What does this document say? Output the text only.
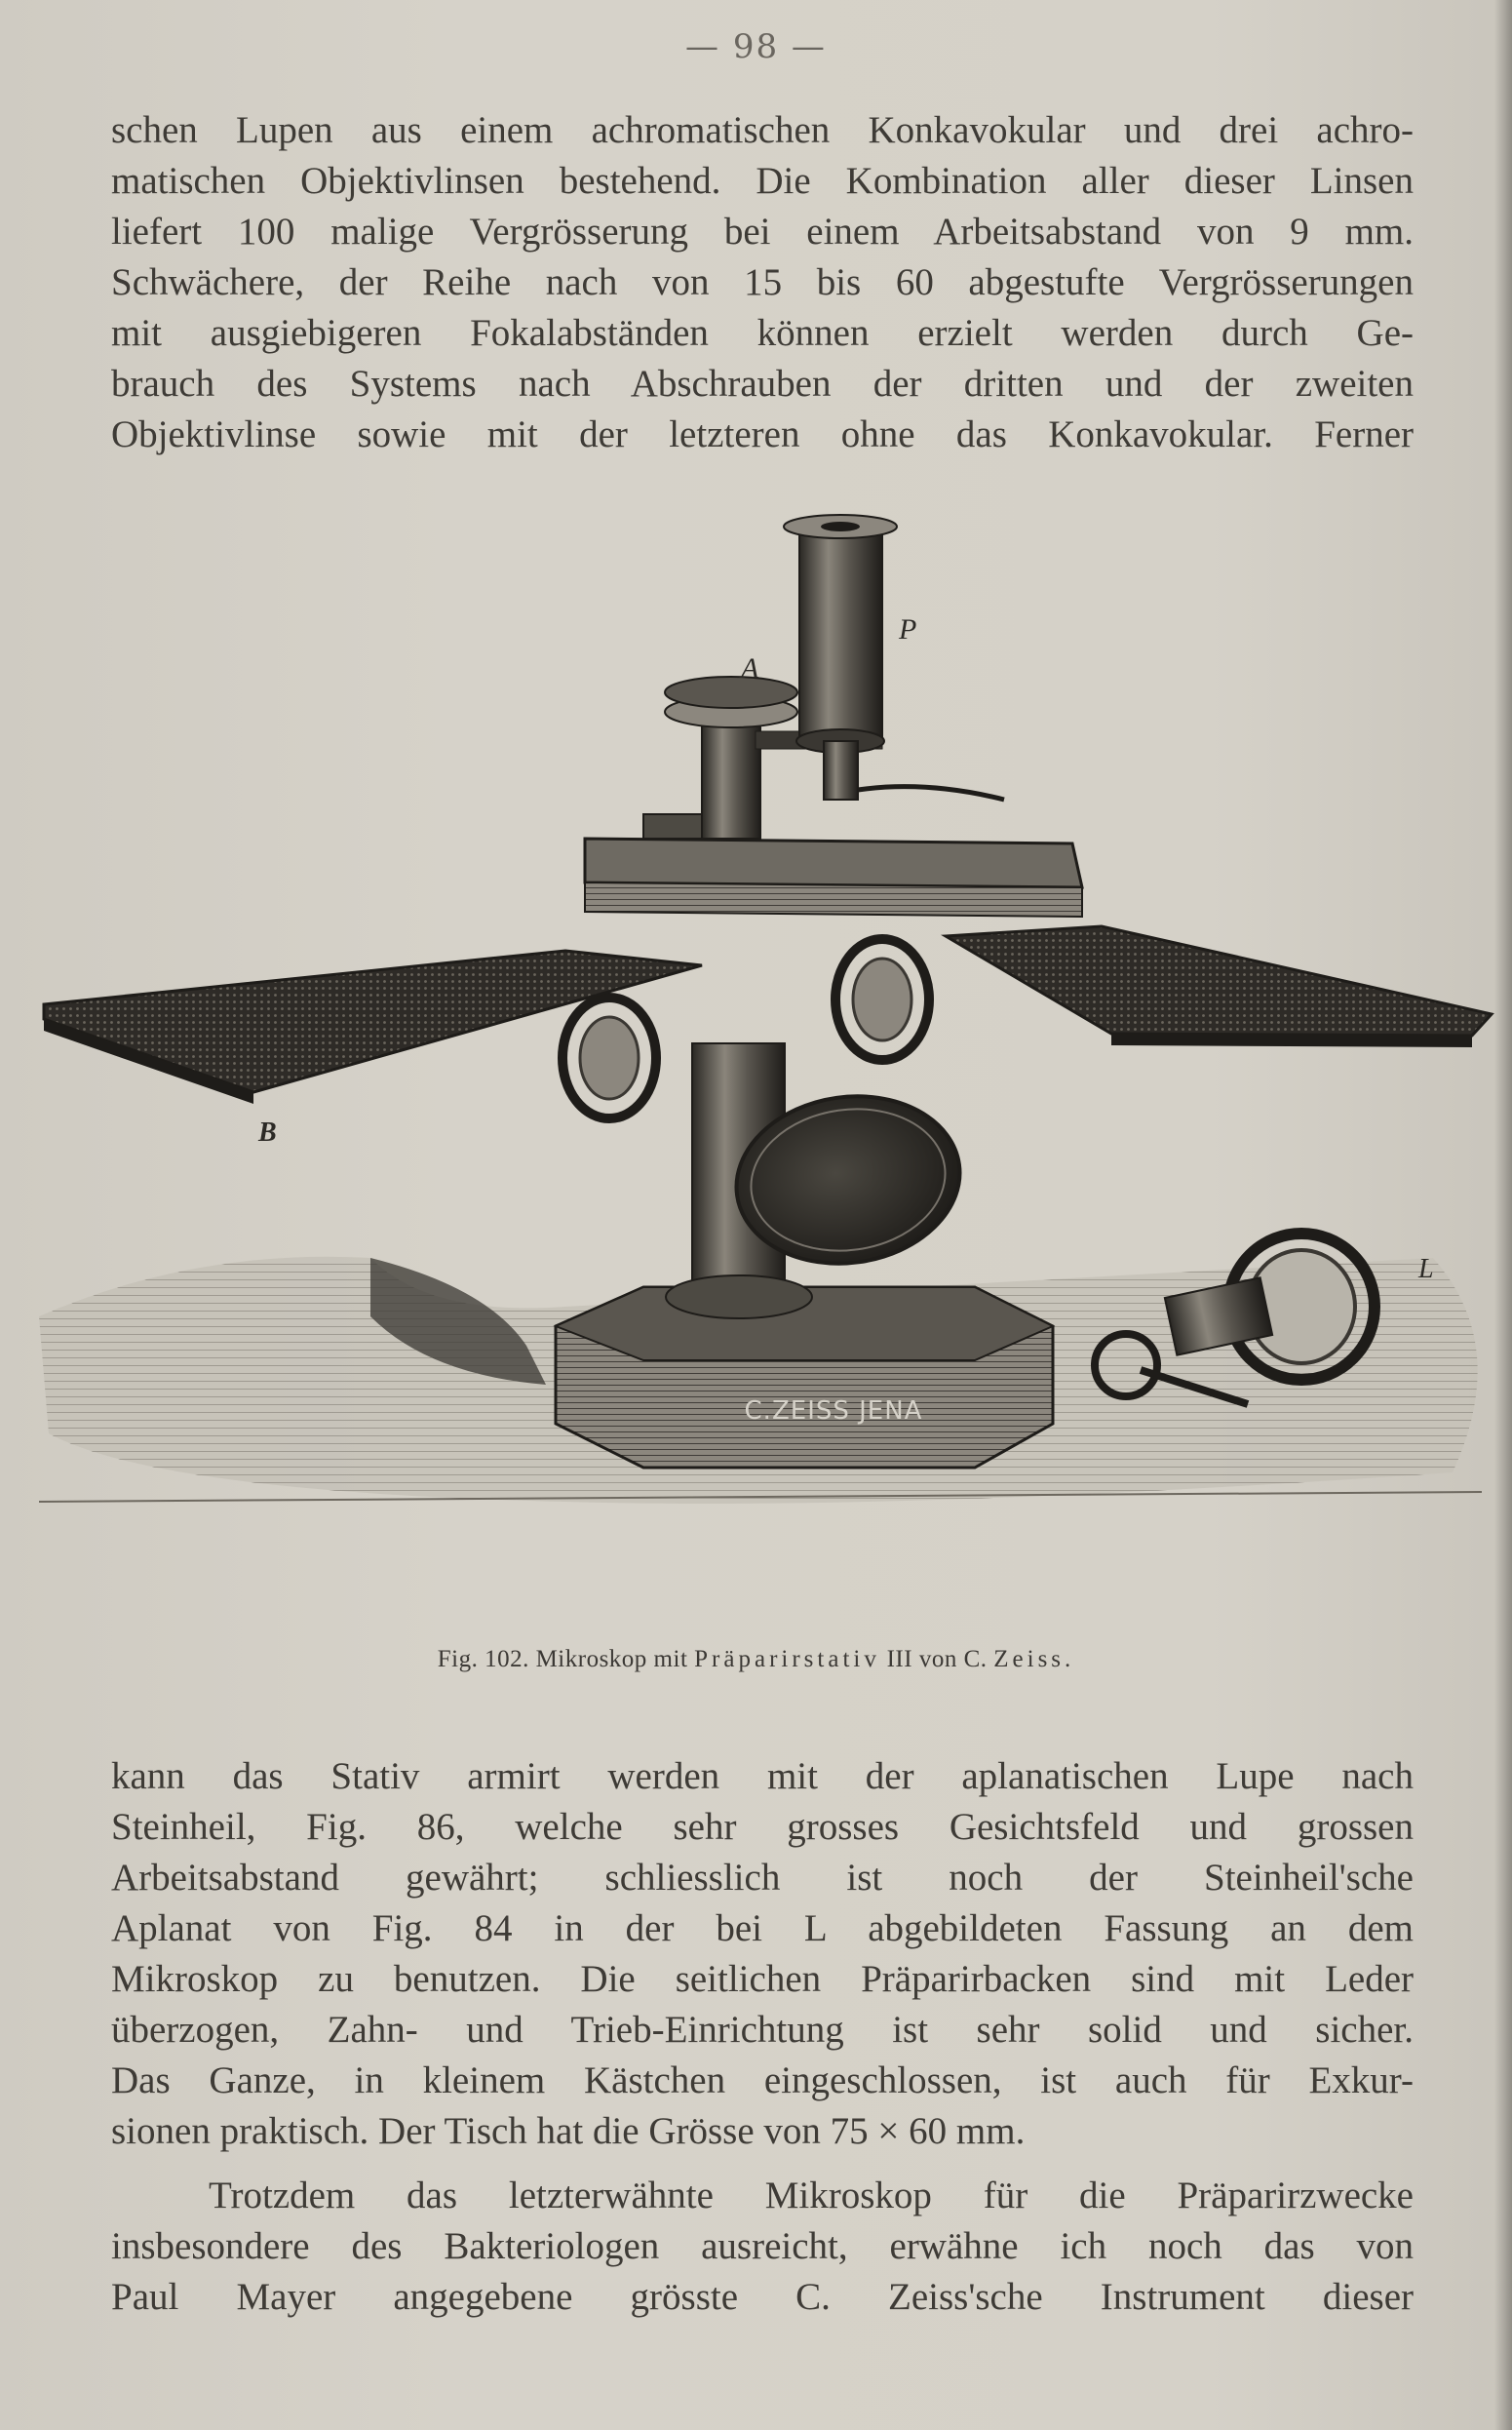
— 98 —
schen Lupen aus einem achromatischen Konkavokular und drei achro-
matischen Objektivlinsen bestehend. Die Kombination aller dieser Linsen
liefert 100 malige Vergrösserung bei einem Arbeitsabstand von 9 mm.
Schwächere, der Reihe nach von 15 bis 60 abgestufte Vergrösserungen
mit ausgiebigeren Fokalabständen können erzielt werden durch Ge-
brauch des Systems nach Abschrauben der dritten und der zweiten
Objektivlinse sowie mit der letzteren ohne das Konkavokular. Ferner
C.ZEISS JENA
A
P
B
L
Fig. 102. Mikroskop mit Präparirstativ III von C. Zeiss.
kann das Stativ armirt werden mit der aplanatischen Lupe nach
Steinheil, Fig. 86, welche sehr grosses Gesichtsfeld und grossen
Arbeitsabstand gewährt; schliesslich ist noch der Steinheil'sche
Aplanat von Fig. 84 in der bei L abgebildeten Fassung an dem
Mikroskop zu benutzen. Die seitlichen Präparirbacken sind mit Leder
überzogen, Zahn- und Trieb-Einrichtung ist sehr solid und sicher.
Das Ganze, in kleinem Kästchen eingeschlossen, ist auch für Exkur-
sionen praktisch. Der Tisch hat die Grösse von 75 × 60 mm.
Trotzdem das letzterwähnte Mikroskop für die Präparirzwecke
insbesondere des Bakteriologen ausreicht, erwähne ich noch das von
Paul Mayer angegebene grösste C. Zeiss'sche Instrument dieser
